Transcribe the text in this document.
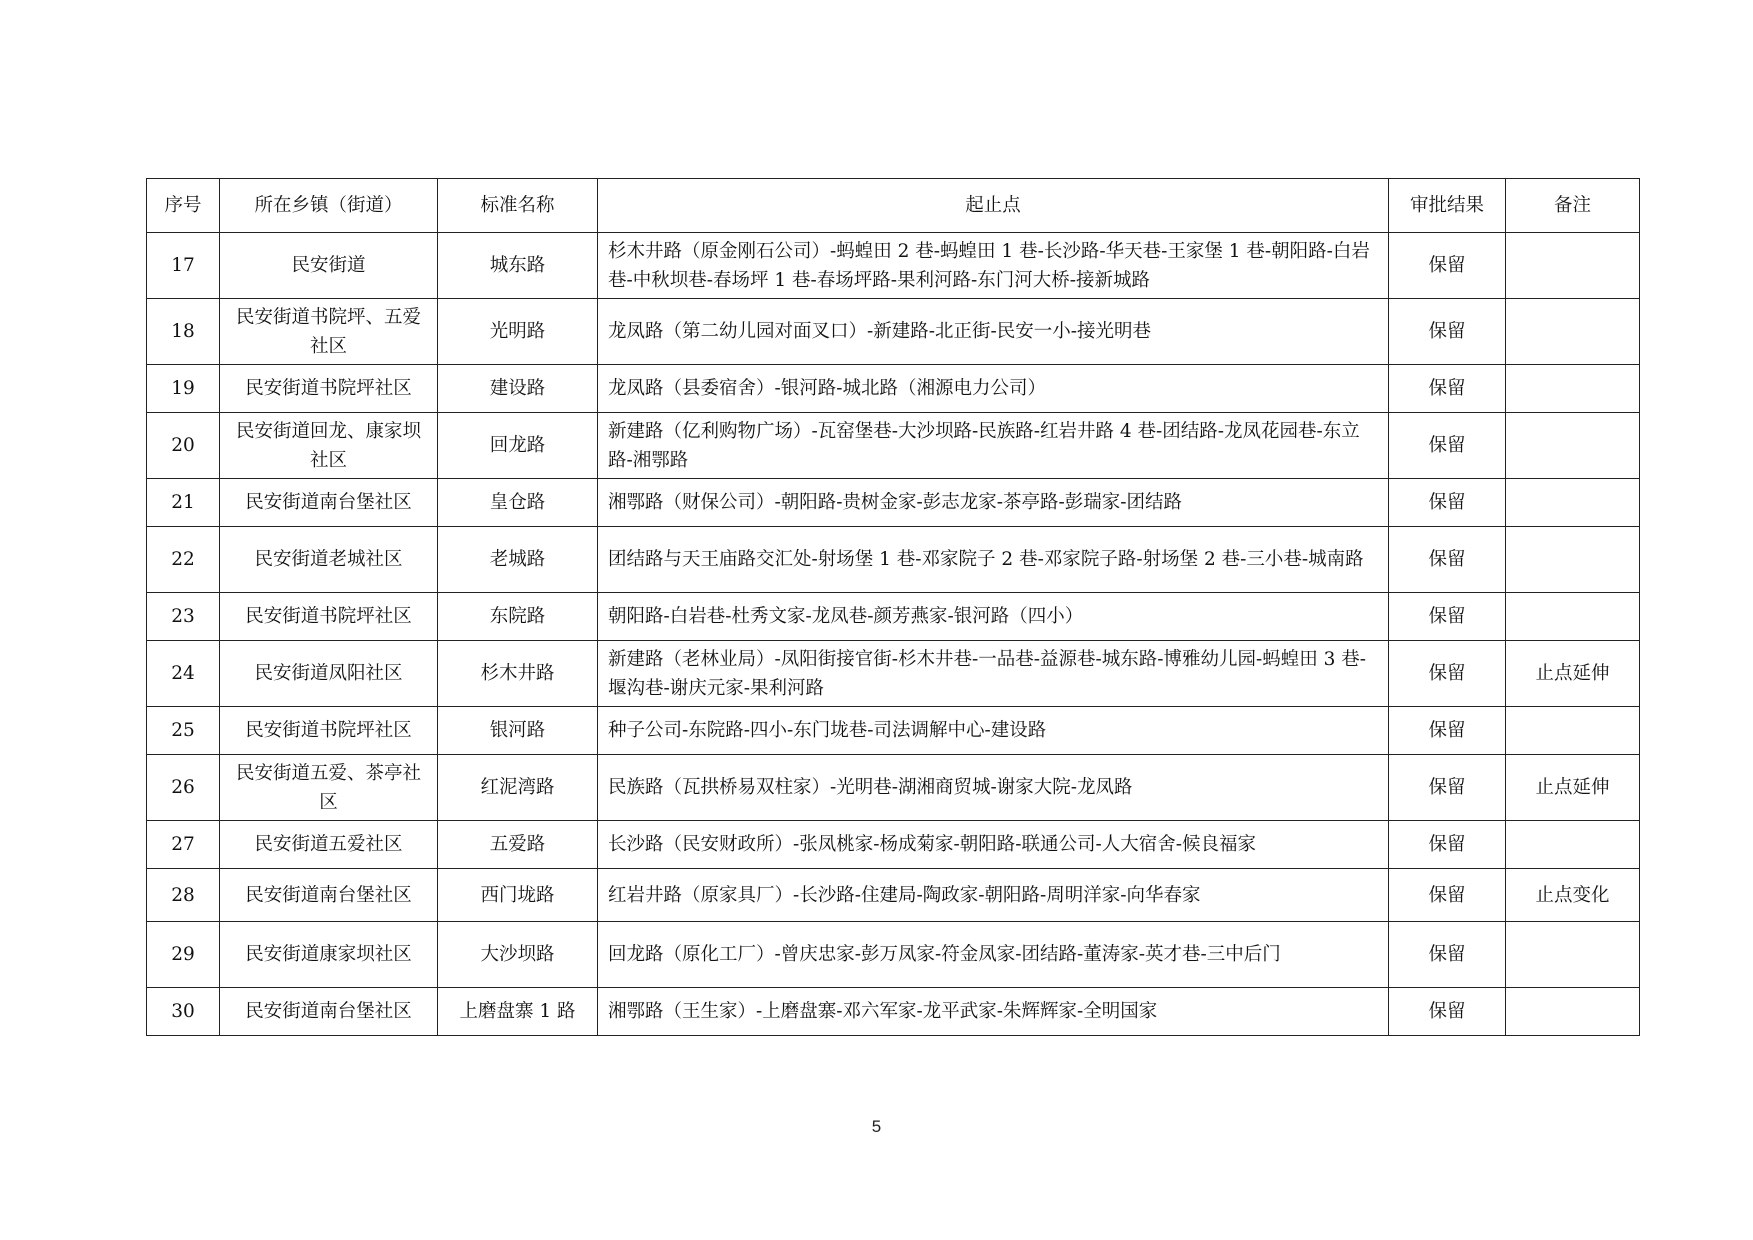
序号	所在乡镇（街道）	标准名称	起止点	审批结果	备注
17	民安街道	城东路	杉木井路（原金刚石公司）-蚂蝗田 2 巷-蚂蝗田 1 巷-长沙路-华天巷-王家堡 1 巷-朝阳路-白岩巷-中秋坝巷-春场坪 1 巷-春场坪路-果利河路-东门河大桥-接新城路	保留	
18	民安街道书院坪、五爱社区	光明路	龙凤路（第二幼儿园对面叉口）-新建路-北正街-民安一小-接光明巷	保留	
19	民安街道书院坪社区	建设路	龙凤路（县委宿舍）-银河路-城北路（湘源电力公司）	保留	
20	民安街道回龙、康家坝社区	回龙路	新建路（亿利购物广场）-瓦窑堡巷-大沙坝路-民族路-红岩井路 4 巷-团结路-龙凤花园巷-东立路-湘鄂路	保留	
21	民安街道南台堡社区	皇仓路	湘鄂路（财保公司）-朝阳路-贵树金家-彭志龙家-茶亭路-彭瑞家-团结路	保留	
22	民安街道老城社区	老城路	团结路与天王庙路交汇处-射场堡 1 巷-邓家院子 2 巷-邓家院子路-射场堡 2 巷-三小巷-城南路	保留	
23	民安街道书院坪社区	东院路	朝阳路-白岩巷-杜秀文家-龙凤巷-颜芳燕家-银河路（四小）	保留	
24	民安街道凤阳社区	杉木井路	新建路（老林业局）-凤阳街接官街-杉木井巷-一品巷-益源巷-城东路-博雅幼儿园-蚂蝗田 3 巷-堰沟巷-谢庆元家-果利河路	保留	止点延伸
25	民安街道书院坪社区	银河路	种子公司-东院路-四小-东门垅巷-司法调解中心-建设路	保留	
26	民安街道五爱、茶亭社区	红泥湾路	民族路（瓦拱桥易双柱家）-光明巷-湖湘商贸城-谢家大院-龙凤路	保留	止点延伸
27	民安街道五爱社区	五爱路	长沙路（民安财政所）-张凤桃家-杨成菊家-朝阳路-联通公司-人大宿舍-候良福家	保留	
28	民安街道南台堡社区	西门垅路	红岩井路（原家具厂）-长沙路-住建局-陶政家-朝阳路-周明洋家-向华春家	保留	止点变化
29	民安街道康家坝社区	大沙坝路	回龙路（原化工厂）-曾庆忠家-彭万凤家-符金凤家-团结路-董涛家-英才巷-三中后门	保留	
30	民安街道南台堡社区	上磨盘寨 1 路	湘鄂路（王生家）-上磨盘寨-邓六军家-龙平武家-朱辉辉家-全明国家	保留	
5
